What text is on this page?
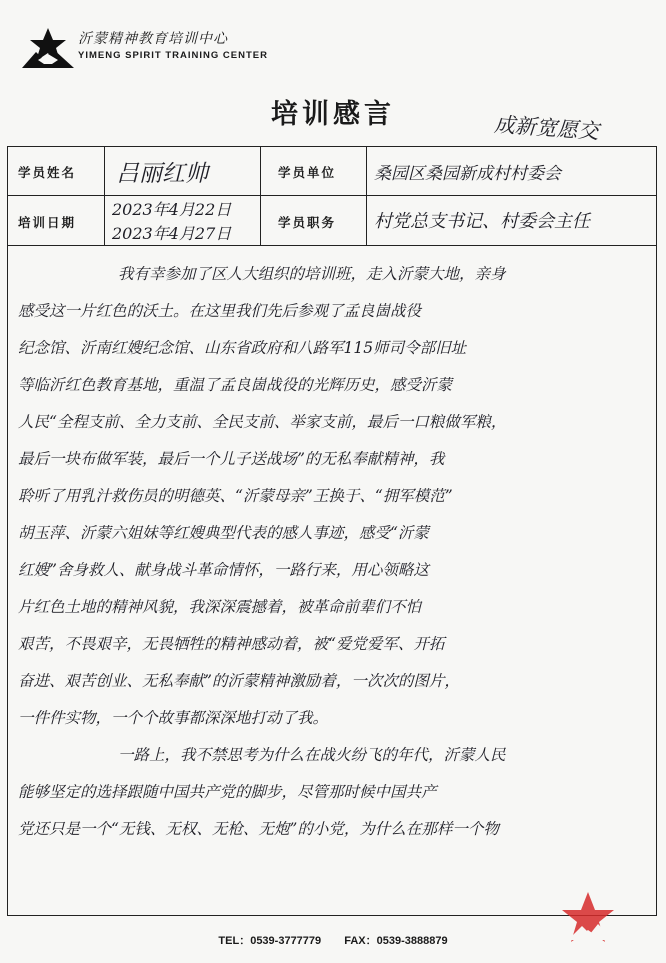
沂蒙精神教育培训中心
YIMENG SPIRIT TRAINING CENTER
培训感言	成新宽愿交
学员姓名 吕丽红帅	学员单位 桑园区桑园新成村村委会
培训日期
2023年4月22日
2023年4月27日
学员职务 村党总支书记、村委会主任
我有幸参加了区人大组织的培训班，走入沂蒙大地，亲身
感受这一片红色的沃土。在这里我们先后参观了孟良崮战役
纪念馆、沂南红嫂纪念馆、山东省政府和八路军115师司令部旧址
等临沂红色教育基地，重温了孟良崮战役的光辉历史，感受沂蒙
人民“全程支前、全力支前、全民支前、举家支前，最后一口粮做军粮，
最后一块布做军装，最后一个儿子送战场”的无私奉献精神，我
聆听了用乳汁救伤员的明德英、“沂蒙母亲”王换于、“拥军模范”
胡玉萍、沂蒙六姐妹等红嫂典型代表的感人事迹，感受“沂蒙
红嫂”舍身救人、献身战斗革命情怀，一路行来，用心领略这
片红色土地的精神风貌，我深深震撼着，被革命前辈们不怕
艰苦，不畏艰辛，无畏牺牲的精神感动着，被“爱党爱军、开拓
奋进、艰苦创业、无私奉献”的沂蒙精神激励着，一次次的图片，
一件件实物，一个个故事都深深地打动了我。
一路上，我不禁思考为什么在战火纷飞的年代，沂蒙人民
能够坚定的选择跟随中国共产党的脚步，尽管那时候中国共产
党还只是一个“无钱、无权、无枪、无炮”的小党，为什么在那样一个物
TEL：0539-3777779 FAX：0539-3888879
